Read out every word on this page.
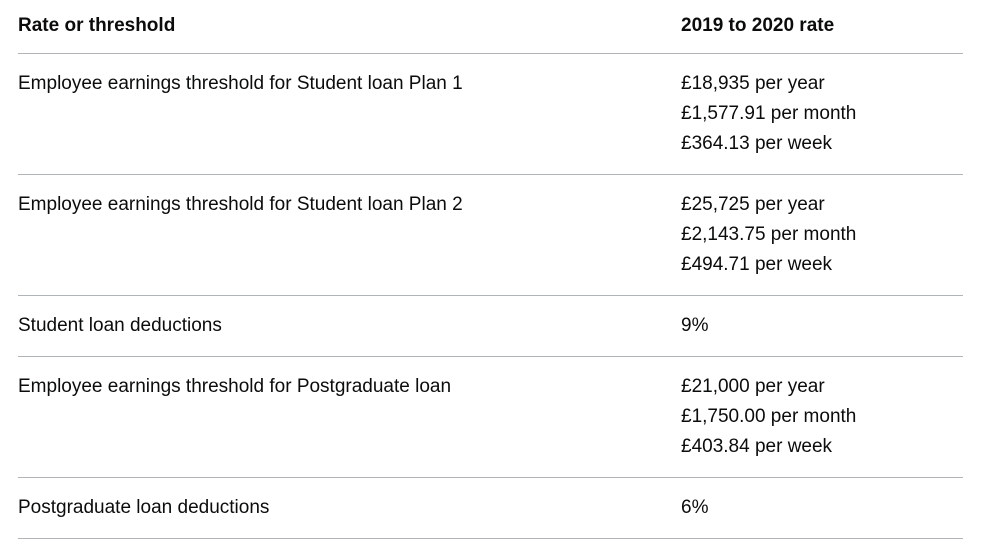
Rate or threshold	2019 to 2020 rate
Employee earnings threshold for Student loan Plan 1	£18,935 per year
£1,577.91 per month
£364.13 per week
Employee earnings threshold for Student loan Plan 2	£25,725 per year
£2,143.75 per month
£494.71 per week
Student loan deductions	9%
Employee earnings threshold for Postgraduate loan	£21,000 per year
£1,750.00 per month
£403.84 per week
Postgraduate loan deductions	6%
